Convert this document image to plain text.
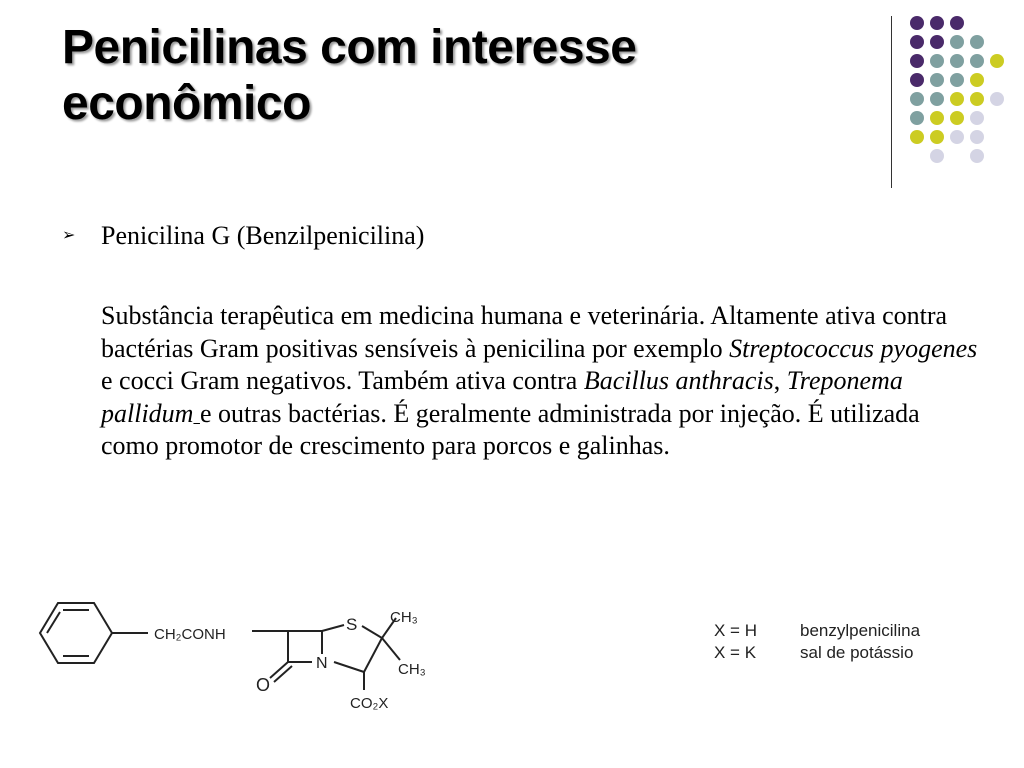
Penicilinas com interesse
econômico
➢ Penicilina G (Benzilpenicilina)
Substância terapêutica em medicina humana e veterinária. Altamente ativa contra bactérias Gram positivas sensíveis à penicilina por exemplo Streptococcus pyogenes e cocci Gram negativos. Também ativa contra Bacillus anthracis, Treponema pallidum e outras bactérias. É geralmente administrada por injeção. É utilizada como promotor de crescimento para porcos e galinhas.
CH₂CONH
S
N
O
CH₃
CH₃
CO₂X
X = H	benzylpenicilina
X = K	sal de potássio
